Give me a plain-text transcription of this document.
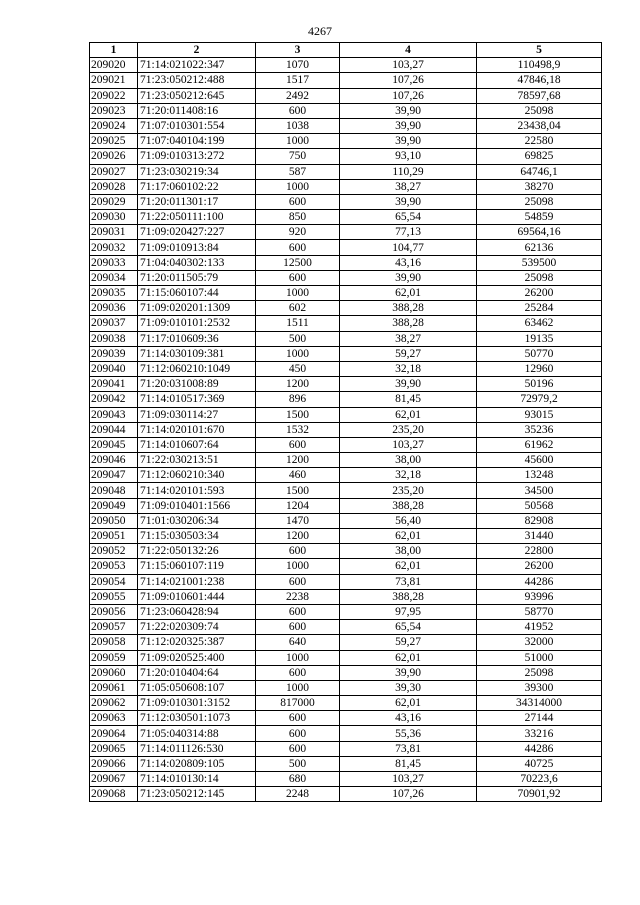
4267
1	2	3	4	5
209020	71:14:021022:347	1070	103,27	110498,9
209021	71:23:050212:488	1517	107,26	47846,18
209022	71:23:050212:645	2492	107,26	78597,68
209023	71:20:011408:16	600	39,90	25098
209024	71:07:010301:554	1038	39,90	23438,04
209025	71:07:040104:199	1000	39,90	22580
209026	71:09:010313:272	750	93,10	69825
209027	71:23:030219:34	587	110,29	64746,1
209028	71:17:060102:22	1000	38,27	38270
209029	71:20:011301:17	600	39,90	25098
209030	71:22:050111:100	850	65,54	54859
209031	71:09:020427:227	920	77,13	69564,16
209032	71:09:010913:84	600	104,77	62136
209033	71:04:040302:133	12500	43,16	539500
209034	71:20:011505:79	600	39,90	25098
209035	71:15:060107:44	1000	62,01	26200
209036	71:09:020201:1309	602	388,28	25284
209037	71:09:010101:2532	1511	388,28	63462
209038	71:17:010609:36	500	38,27	19135
209039	71:14:030109:381	1000	59,27	50770
209040	71:12:060210:1049	450	32,18	12960
209041	71:20:031008:89	1200	39,90	50196
209042	71:14:010517:369	896	81,45	72979,2
209043	71:09:030114:27	1500	62,01	93015
209044	71:14:020101:670	1532	235,20	35236
209045	71:14:010607:64	600	103,27	61962
209046	71:22:030213:51	1200	38,00	45600
209047	71:12:060210:340	460	32,18	13248
209048	71:14:020101:593	1500	235,20	34500
209049	71:09:010401:1566	1204	388,28	50568
209050	71:01:030206:34	1470	56,40	82908
209051	71:15:030503:34	1200	62,01	31440
209052	71:22:050132:26	600	38,00	22800
209053	71:15:060107:119	1000	62,01	26200
209054	71:14:021001:238	600	73,81	44286
209055	71:09:010601:444	2238	388,28	93996
209056	71:23:060428:94	600	97,95	58770
209057	71:22:020309:74	600	65,54	41952
209058	71:12:020325:387	640	59,27	32000
209059	71:09:020525:400	1000	62,01	51000
209060	71:20:010404:64	600	39,90	25098
209061	71:05:050608:107	1000	39,30	39300
209062	71:09:010301:3152	817000	62,01	34314000
209063	71:12:030501:1073	600	43,16	27144
209064	71:05:040314:88	600	55,36	33216
209065	71:14:011126:530	600	73,81	44286
209066	71:14:020809:105	500	81,45	40725
209067	71:14:010130:14	680	103,27	70223,6
209068	71:23:050212:145	2248	107,26	70901,92
